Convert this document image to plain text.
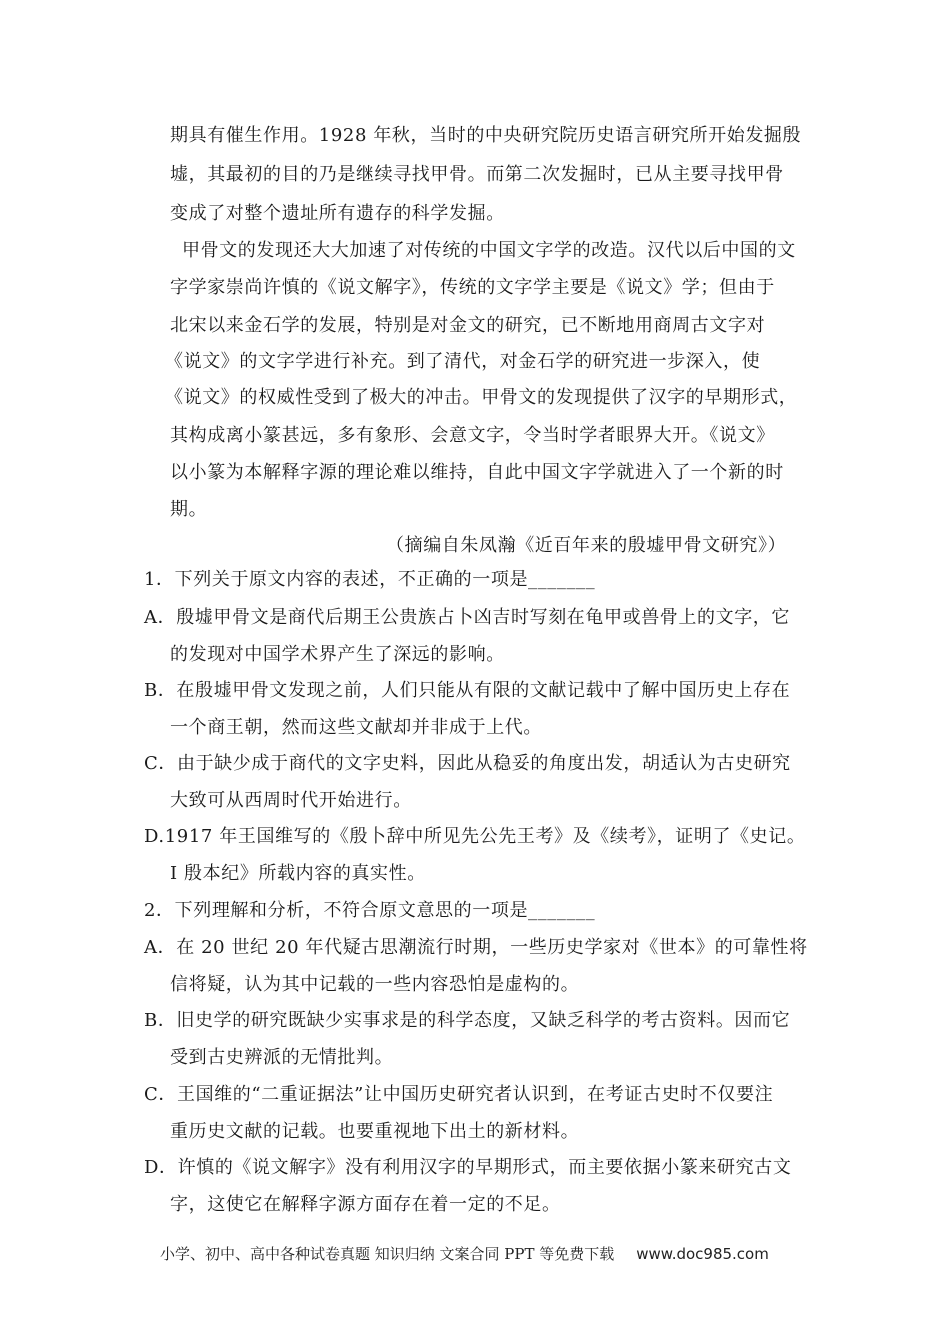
期具有催生作用。1928 年秋，当时的中央研究院历史语言研究所开始发掘殷
墟，其最初的目的乃是继续寻找甲骨。而第二次发掘时，已从主要寻找甲骨
变成了对整个遗址所有遗存的科学发掘。
甲骨文的发现还大大加速了对传统的中国文字学的改造。汉代以后中国的文
字学家崇尚许慎的《说文解字》，传统的文字学主要是《说文》学；但由于
北宋以来金石学的发展，特别是对金文的研究，已不断地用商周古文字对
《说文》的文字学进行补充。到了清代，对金石学的研究进一步深入，使
《说文》的权威性受到了极大的冲击。甲骨文的发现提供了汉字的早期形式，
其构成离小篆甚远，多有象形、会意文字，令当时学者眼界大开。《说文》
以小篆为本解释字源的理论难以维持，自此中国文字学就进入了一个新的时
期。
（摘编自朱凤瀚《近百年来的殷墟甲骨文研究》）
1．下列关于原文内容的表述，不正确的一项是_______
A．殷墟甲骨文是商代后期王公贵族占卜凶吉时写刻在龟甲或兽骨上的文字，它
的发现对中国学术界产生了深远的影响。
B．在殷墟甲骨文发现之前，人们只能从有限的文献记载中了解中国历史上存在
一个商王朝，然而这些文献却并非成于上代。
C．由于缺少成于商代的文字史料，因此从稳妥的角度出发，胡适认为古史研究
大致可从西周时代开始进行。
D.1917 年王国维写的《殷卜辞中所见先公先王考》及《续考》，证明了《史记。
I 殷本纪》所载内容的真实性。
2．下列理解和分析，不符合原文意思的一项是_______
A．在 20 世纪 20 年代疑古思潮流行时期，一些历史学家对《世本》的可靠性将
信将疑，认为其中记载的一些内容恐怕是虚构的。
B．旧史学的研究既缺少实事求是的科学态度，又缺乏科学的考古资料。因而它
受到古史辨派的无情批判。
C．王国维的“二重证据法”让中国历史研究者认识到，在考证古史时不仅要注
重历史文献的记载。也要重视地下出土的新材料。
D．许慎的《说文解字》没有利用汉字的早期形式，而主要依据小篆来研究古文
字，这使它在解释字源方面存在着一定的不足。
小学、初中、高中各种试卷真题 知识归纳 文案合同 PPT 等免费下载 www.doc985.com
